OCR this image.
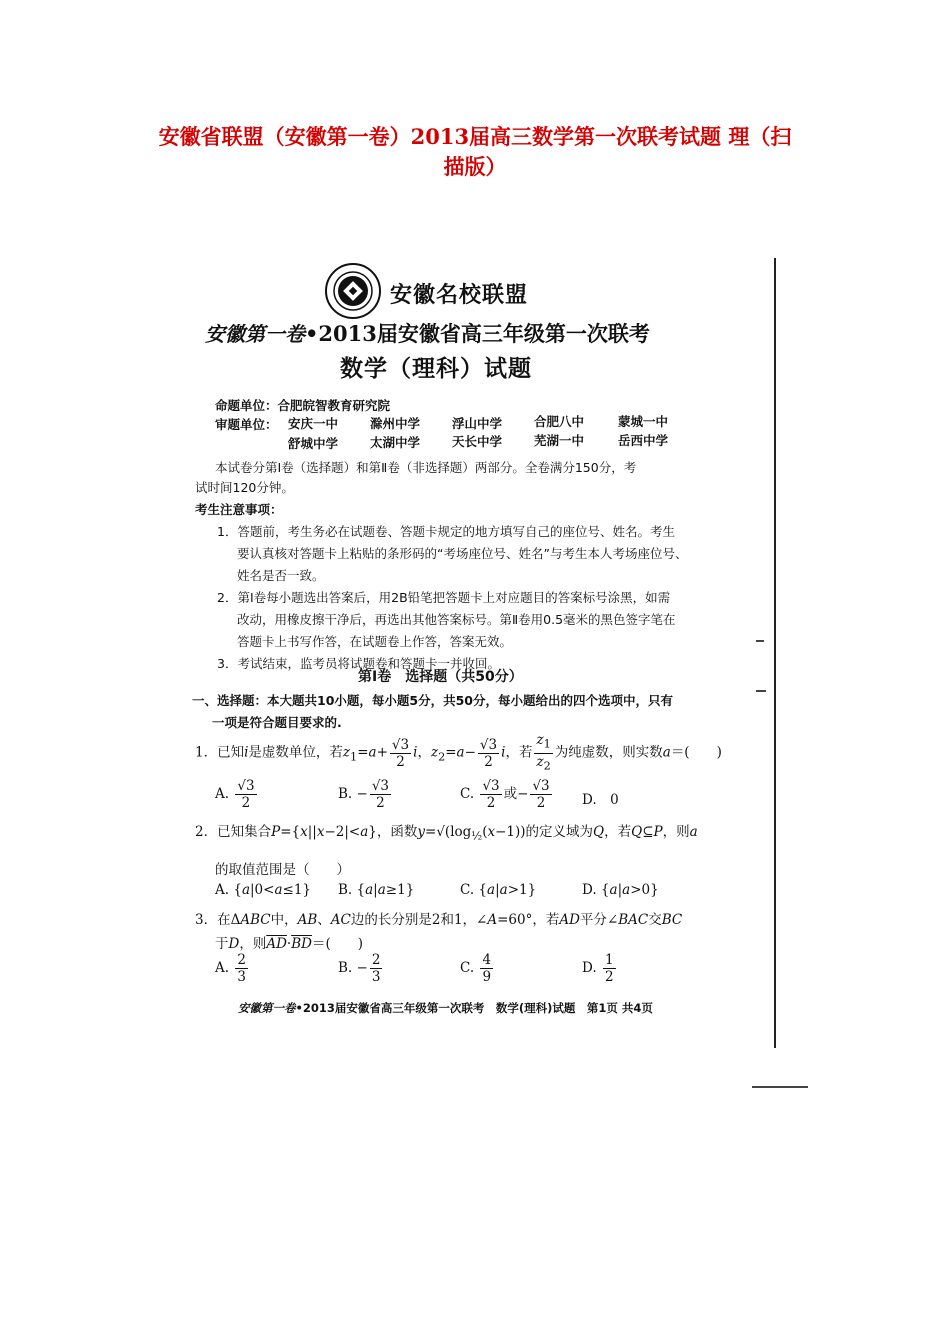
安徽省联盟（安徽第一卷）2013届高三数学第一次联考试题 理（扫
描版）
安徽名校联盟
安徽第一卷•2013届安徽省高三年级第一次联考
数学（理科）试题
命题单位：合肥皖智教育研究院
审题单位： 安庆一中	滁州中学	浮山中学	合肥八中	蒙城一中
舒城中学	太湖中学	天长中学	芜湖一中	岳西中学
本试卷分第Ⅰ卷（选择题）和第Ⅱ卷（非选择题）两部分。全卷满分150分，考
试时间120分钟。
考生注意事项：
1．答题前，考生务必在试题卷、答题卡规定的地方填写自己的座位号、姓名。考生
要认真核对答题卡上粘贴的条形码的“考场座位号、姓名”与考生本人考场座位号、
姓名是否一致。
2．第Ⅰ卷每小题选出答案后，用2B铅笔把答题卡上对应题目的答案标号涂黑，如需
改动，用橡皮擦干净后，再选出其他答案标号。第Ⅱ卷用0.5毫米的黑色签字笔在
答题卡上书写作答，在试题卷上作答，答案无效。
3．考试结束，监考员将试题卷和答题卡一并收回。
第Ⅰ卷　选择题（共50分）
一、选择题：本大题共10小题，每小题5分，共50分，每小题给出的四个选项中，只有
一项是符合题目要求的.
1．已知i是虚数单位，若$z_1=a+ \frac{√3}{2}$ i，$z_2=a- \frac{√3}{2}$ i，若 $\frac{z_1}{z_2}$ 为纯虚数，则实数a＝(　　)
A. $\frac{√3}{2}$	B. − $\frac{√3}{2}$	C. $\frac{√3}{2}$ 或− $\frac{√3}{2} D$.　0
2．已知集合P={x||x−2|<a}，函数$y=√(\log_{\frac{1}{2}}(x-1))$的定义域为Q，若Q⊆P，则a
的取值范围是（　　）
A. {a|0<a≤1} B. {a|a≥1}	C. {a|a>1}	D. {a|a>0}
3．在ΔABC中，AB、AC边的长分别是2和1，∠A=60°，若AD平分∠BAC交BC
于D，则$\overline{AD}\cdot\overline{BD}=$(　　)
A. $\frac{2}{3}$	B. − $\frac{2}{3}$	C. $\frac{4}{9}$	D. $\frac{1}{2}$
安徽第一卷•2013届安徽省高三年级第一次联考　数学(理科)试题　第1页 共4页
